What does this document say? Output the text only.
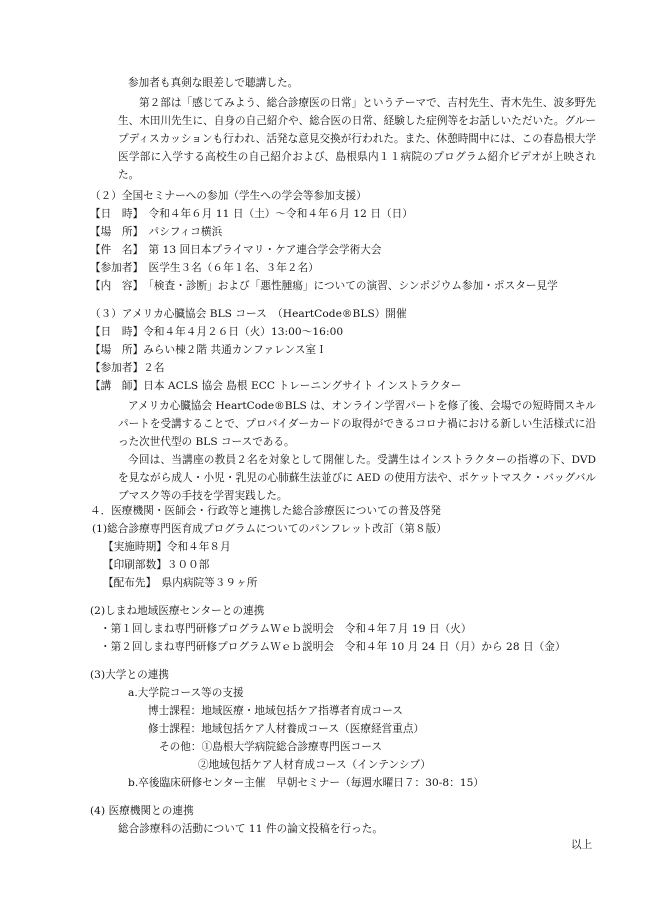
参加者も真剣な眼差しで聴講した。
第２部は「感じてみよう、総合診療医の日常」というテーマで、吉村先生、青木先生、波多野先生、木田川先生に、自身の自己紹介や、総合医の日常、経験した症例等をお話しいただいた。グループディスカッションも行われ、活発な意見交換が行われた。また、休憩時間中には、この春島根大学医学部に入学する高校生の自己紹介および、島根県内１１病院のプログラム紹介ビデオが上映された。
（２）全国セミナーへの参加（学生への学会等参加支援）
【日　時】　令和４年６月 11 日（土）〜令和４年６月 12 日（日）
【場　所】　パシフィコ横浜
【件　名】　第 13 回日本プライマリ・ケア連合学会学術大会
【参加者】　医学生３名（６年１名、３年２名）
【内　容】　「検査・診断」および「悪性腫瘍」についての演習、シンポジウム参加・ポスター見学
（３）アメリカ心臓協会 BLS コース　（HeartCode®BLS）開催
【日　時】令和４年４月２６日（火）13:00〜16:00
【場　所】みらい棟２階 共通カンファレンス室Ｉ
【参加者】２名
【講　師】日本 ACLS 協会 島根 ECC トレーニングサイト インストラクター
アメリカ心臓協会 HeartCode®BLS は、オンライン学習パートを修了後、会場での短時間スキルパートを受講することで、プロバイダーカードの取得ができるコロナ禍における新しい生活様式に沿った次世代型の BLS コースである。
今回は、当講座の教員２名を対象として開催した。受講生はインストラクターの指導の下、DVD を見ながら成人・小児・乳児の心肺蘇生法並びに AED の使用方法や、ポケットマスク・バッグバルブマスク等の手技を学習実践した。
４．医療機関・医師会・行政等と連携した総合診療医についての普及啓発
(1)総合診療専門医育成プログラムについてのパンフレット改訂（第８版）
【実施時期】令和４年８月
【印刷部数】３００部
【配布先】　県内病院等３９ヶ所
(2)しまね地域医療センターとの連携
・第１回しまね専門研修プログラムＷｅｂ説明会　令和４年７月 19 日（火）
・第２回しまね専門研修プログラムＷｅｂ説明会　令和４年 10 月 24 日（月）から 28 日（金）
(3)大学との連携
a.大学院コース等の支援
博士課程：地域医療・地域包括ケア指導者育成コース
修士課程：地域包括ケア人材養成コース（医療経営重点）
その他：①島根大学病院総合診療専門医コース
②地域包括ケア人材育成コース（インテンシブ）
b.卒後臨床研修センター主催　早朝セミナー（毎週水曜日７：30-8：15）
(4) 医療機関との連携
総合診療科の活動について 11 件の論文投稿を行った。
以上
